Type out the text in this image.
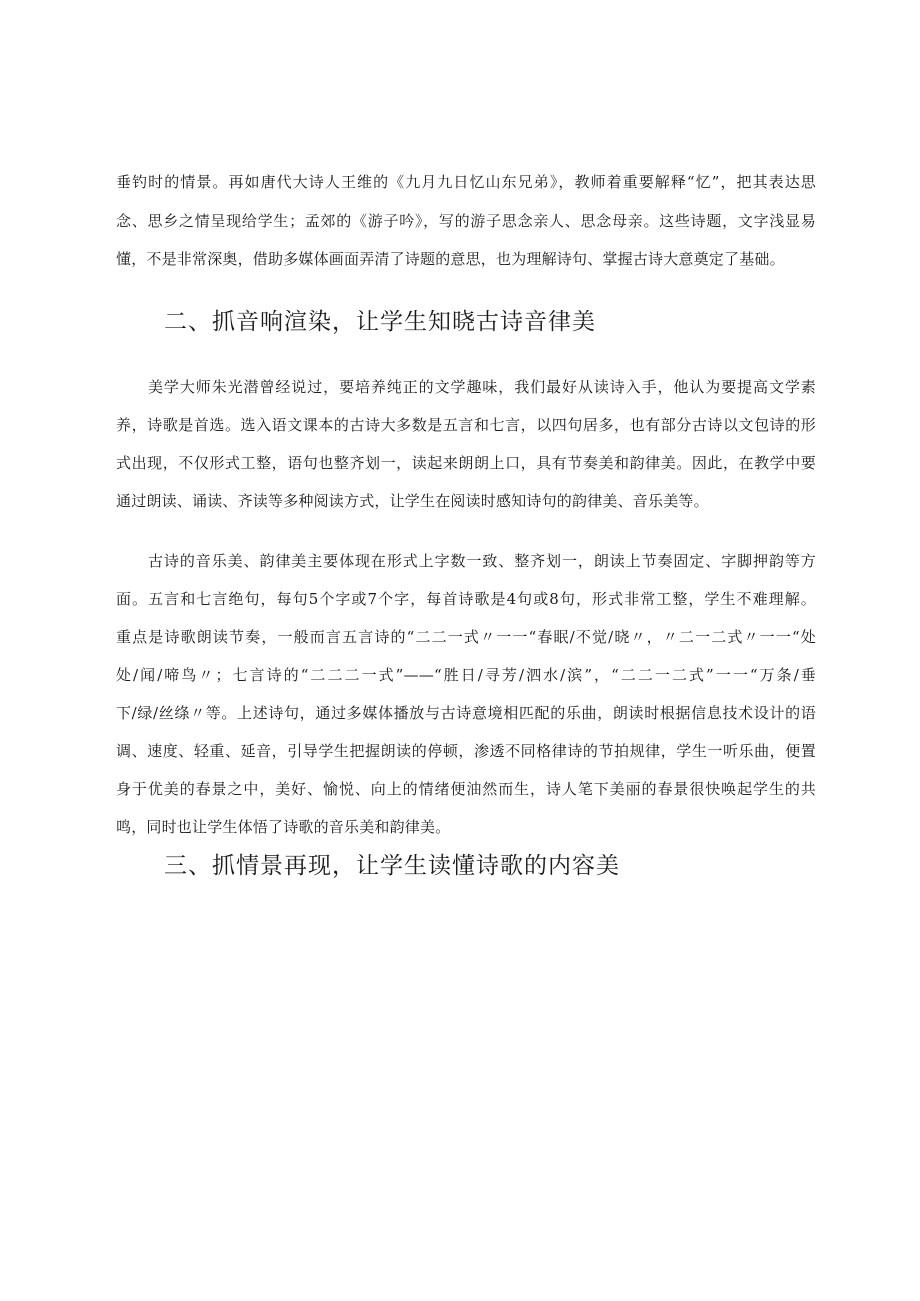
垂钓时的情景。再如唐代大诗人王维的《九月九日忆山东兄弟》，教师着重要解释“忆”，把其表达思
念、思乡之情呈现给学生；孟郊的《游子吟》，写的游子思念亲人、思念母亲。这些诗题，文字浅显易
懂，不是非常深奥，借助多媒体画面弄清了诗题的意思，也为理解诗句、掌握古诗大意奠定了基础。
二、抓音响渲染，让学生知晓古诗音律美
美学大师朱光潜曾经说过，要培养纯正的文学趣味，我们最好从读诗入手，他认为要提高文学素
养，诗歌是首选。选入语文课本的古诗大多数是五言和七言，以四句居多，也有部分古诗以文包诗的形
式出现，不仅形式工整，语句也整齐划一，读起来朗朗上口，具有节奏美和韵律美。因此，在教学中要
通过朗读、诵读、齐读等多种阅读方式，让学生在阅读时感知诗句的韵律美、音乐美等。
古诗的音乐美、韵律美主要体现在形式上字数一致、整齐划一，朗读上节奏固定、字脚押韵等方
面。五言和七言绝句，每句5个字或7个字，每首诗歌是4句或8句，形式非常工整，学生不难理解。
重点是诗歌朗读节奏，一般而言五言诗的“二二一式〃一一“春眠/不觉/晓〃，〃二一二式〃一一“处
处/闻/啼鸟〃；七言诗的“二二二一式”——“胜日/寻芳/泗水/滨”，“二二一二式”一一“万条/垂
下/绿/丝绦〃等。上述诗句，通过多媒体播放与古诗意境相匹配的乐曲，朗读时根据信息技术设计的语
调、速度、轻重、延音，引导学生把握朗读的停顿，渗透不同格律诗的节拍规律，学生一听乐曲，便置
身于优美的春景之中，美好、愉悦、向上的情绪便油然而生，诗人笔下美丽的春景很快唤起学生的共
鸣，同时也让学生体悟了诗歌的音乐美和韵律美。
三、抓情景再现，让学生读懂诗歌的内容美
